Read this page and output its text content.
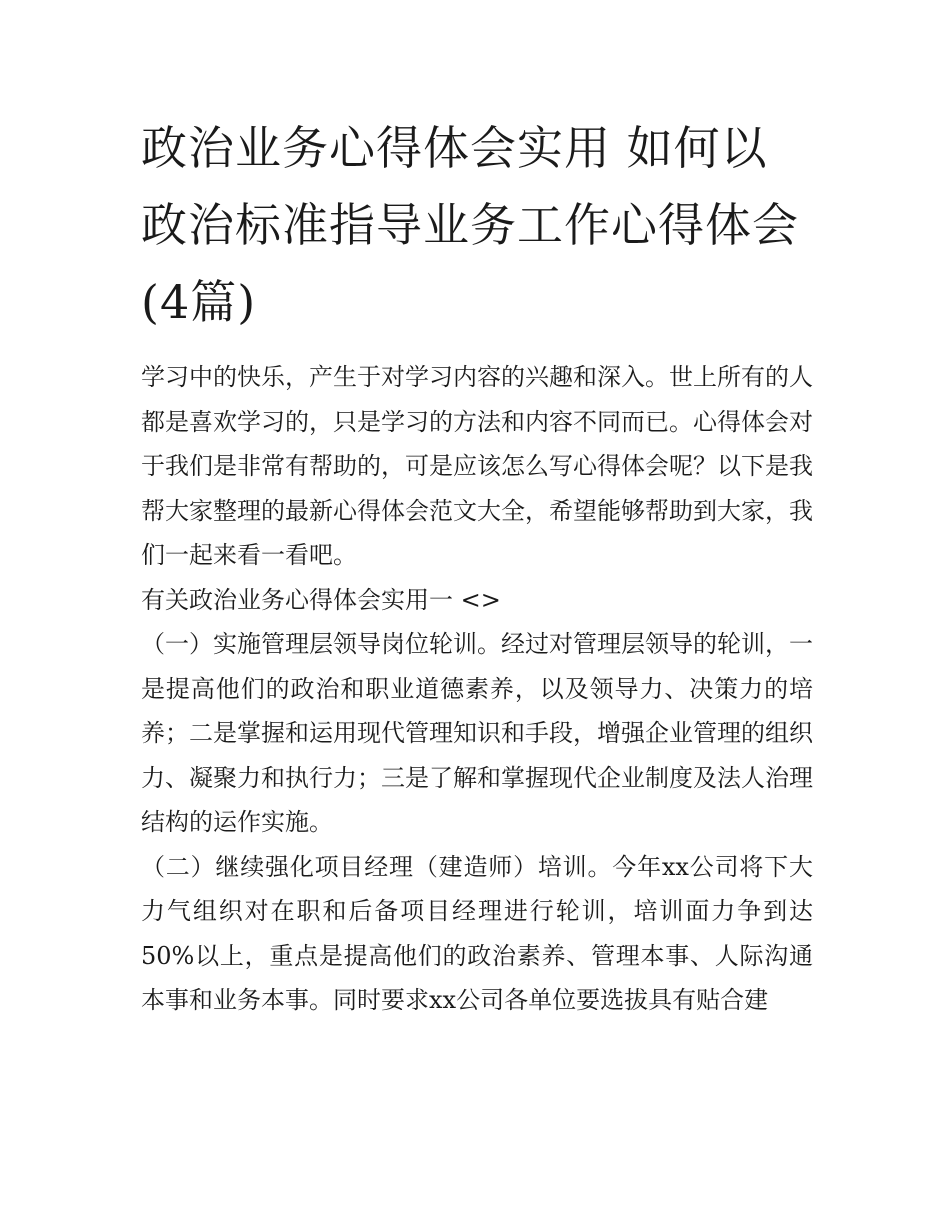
政治业务心得体会实用 如何以政治标准指导业务工作心得体会(4篇)

学习中的快乐，产生于对学习内容的兴趣和深入。世上所有的人都是喜欢学习的，只是学习的方法和内容不同而已。心得体会对于我们是非常有帮助的，可是应该怎么写心得体会呢？以下是我帮大家整理的最新心得体会范文大全，希望能够帮助到大家，我们一起来看一看吧。

有关政治业务心得体会实用一 <>

（一）实施管理层领导岗位轮训。经过对管理层领导的轮训，一是提高他们的政治和职业道德素养，以及领导力、决策力的培养；二是掌握和运用现代管理知识和手段，增强企业管理的组织力、凝聚力和执行力；三是了解和掌握现代企业制度及法人治理结构的运作实施。

（二）继续强化项目经理（建造师）培训。今年xx公司将下大力气组织对在职和后备项目经理进行轮训，培训面力争到达50%以上，重点是提高他们的政治素养、管理本事、人际沟通本事和业务本事。同时要求xx公司各单位要选拔具有贴合建
